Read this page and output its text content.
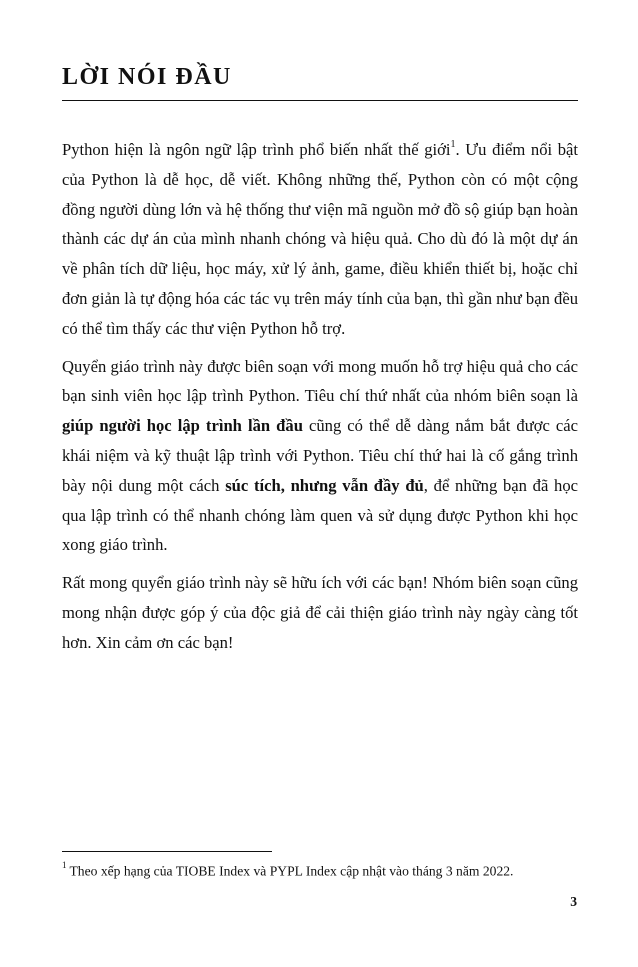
LỜI NÓI ĐẦU

Python hiện là ngôn ngữ lập trình phổ biến nhất thế giới$^1$. Ưu điểm nổi bật của Python là dễ học, dễ viết. Không những thế, Python còn có một cộng đồng người dùng lớn và hệ thống thư viện mã nguồn mở đồ sộ giúp bạn hoàn thành các dự án của mình nhanh chóng và hiệu quả. Cho dù đó là một dự án về phân tích dữ liệu, học máy, xử lý ảnh, game, điều khiển thiết bị, hoặc chỉ đơn giản là tự động hóa các tác vụ trên máy tính của bạn, thì gần như bạn đều có thể tìm thấy các thư viện Python hỗ trợ.

Quyển giáo trình này được biên soạn với mong muốn hỗ trợ hiệu quả cho các bạn sinh viên học lập trình Python. Tiêu chí thứ nhất của nhóm biên soạn là giúp người học lập trình lần đầu cũng có thể dễ dàng nắm bắt được các khái niệm và kỹ thuật lập trình với Python. Tiêu chí thứ hai là cố gắng trình bày nội dung một cách súc tích, nhưng vẫn đầy đủ, để những bạn đã học qua lập trình có thể nhanh chóng làm quen và sử dụng được Python khi học xong giáo trình.

Rất mong quyển giáo trình này sẽ hữu ích với các bạn! Nhóm biên soạn cũng mong nhận được góp ý của độc giả để cải thiện giáo trình này ngày càng tốt hơn. Xin cảm ơn các bạn!

$^1$ Theo xếp hạng của TIOBE Index và PYPL Index cập nhật vào tháng 3 năm 2022.
3
